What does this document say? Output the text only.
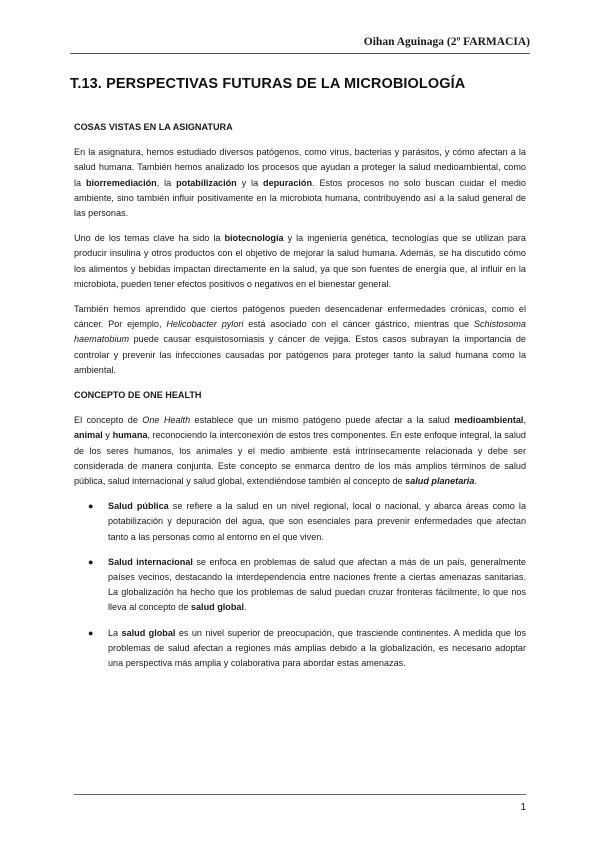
Oihan Aguinaga (2º FARMACIA)
T.13. PERSPECTIVAS FUTURAS DE LA MICROBIOLOGÍA
COSAS VISTAS EN LA ASIGNATURA

En la asignatura, hemos estudiado diversos patógenos, como virus, bacterias y parásitos, y cómo afectan a la salud humana. También hemos analizado los procesos que ayudan a proteger la salud medioambiental, como la biorremediación, la potabilización y la depuración. Estos procesos no solo buscan cuidar el medio ambiente, sino también influir positivamente en la microbiota humana, contribuyendo así a la salud general de las personas.

Uno de los temas clave ha sido la biotecnología y la ingeniería genética, tecnologías que se utilizan para producir insulina y otros productos con el objetivo de mejorar la salud humana. Además, se ha discutido cómo los alimentos y bebidas impactan directamente en la salud, ya que son fuentes de energía que, al influir en la microbiota, pueden tener efectos positivos o negativos en el bienestar general.

También hemos aprendido que ciertos patógenos pueden desencadenar enfermedades crónicas, como el cáncer. Por ejemplo, Helicobacter pylori está asociado con el cáncer gástrico, mientras que Schistosoma haematobium puede causar esquistosomiasis y cáncer de vejiga. Estos casos subrayan la importancia de controlar y prevenir las infecciones causadas por patógenos para proteger tanto la salud humana como la ambiental.

CONCEPTO DE ONE HEALTH

El concepto de One Health establece que un mismo patógeno puede afectar a la salud medioambiental, animal y humana, reconociendo la interconexión de estos tres componentes. En este enfoque integral, la salud de los seres humanos, los animales y el medio ambiente está intrínsecamente relacionada y debe ser considerada de manera conjunta. Este concepto se enmarca dentro de los más amplios términos de salud pública, salud internacional y salud global, extendiéndose también al concepto de salud planetaria.

● Salud pública se refiere a la salud en un nivel regional, local o nacional, y abarca áreas como la potabilización y depuración del agua, que son esenciales para prevenir enfermedades que afectan tanto a las personas como al entorno en el que viven.
● Salud internacional se enfoca en problemas de salud que afectan a más de un país, generalmente países vecinos, destacando la interdependencia entre naciones frente a ciertas amenazas sanitarias. La globalización ha hecho que los problemas de salud puedan cruzar fronteras fácilmente, lo que nos lleva al concepto de salud global.
● La salud global es un nivel superior de preocupación, que trasciende continentes. A medida que los problemas de salud afectan a regiones más amplias debido a la globalización, es necesario adoptar una perspectiva más amplia y colaborativa para abordar estas amenazas.
1
